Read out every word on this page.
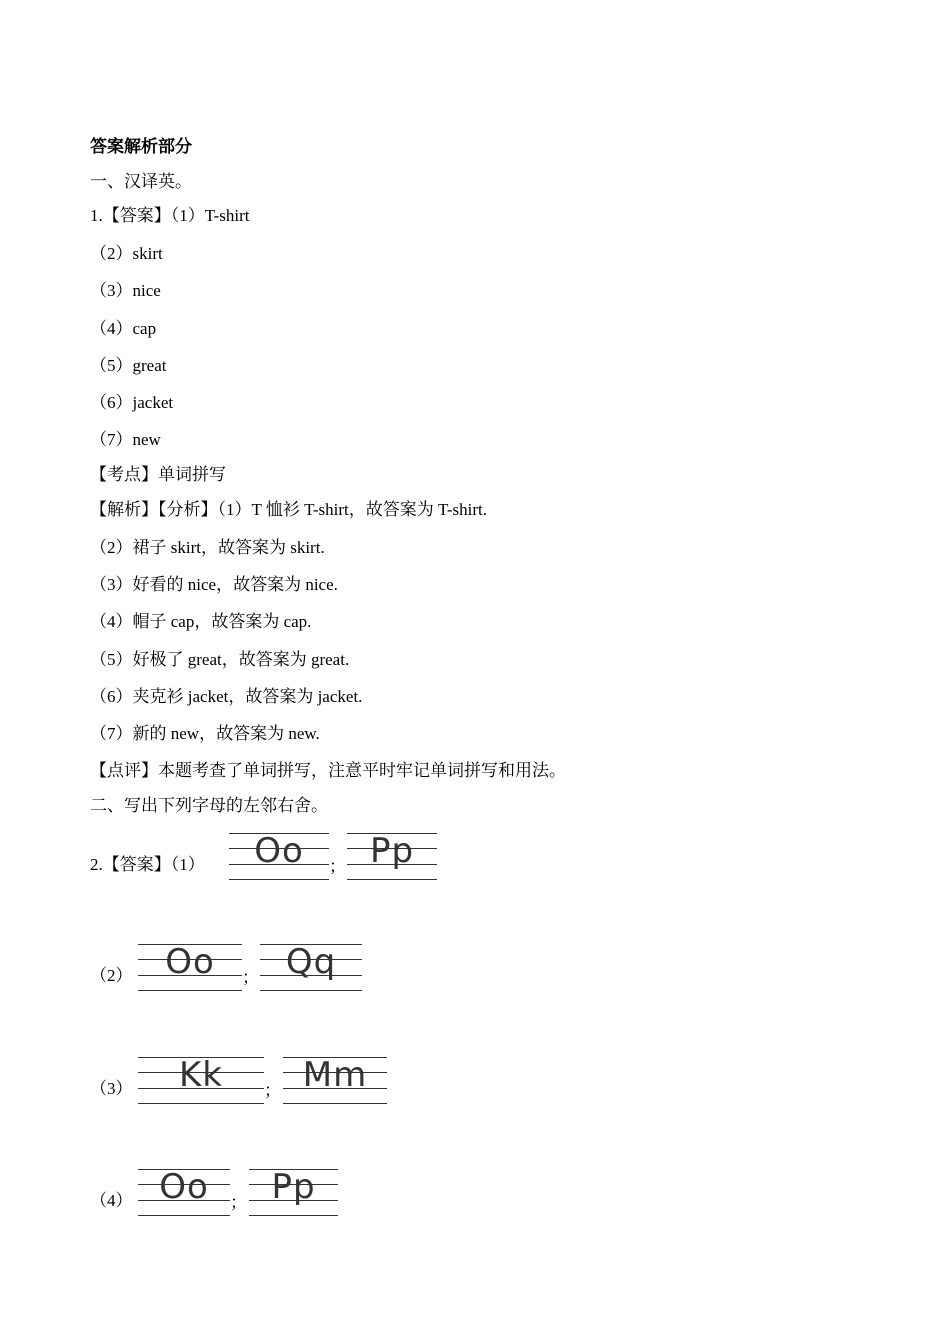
答案解析部分
一、汉译英。
1.【答案】（1）T-shirt
（2）skirt
（3）nice
（4）cap
（5）great
（6）jacket
（7）new
【考点】单词拼写
【解析】【分析】（1）T 恤衫 T-shirt，故答案为 T-shirt.
（2）裙子 skirt，故答案为 skirt.
（3）好看的 nice，故答案为 nice.
（4）帽子 cap，故答案为 cap.
（5）好极了 great，故答案为 great.
（6）夹克衫 jacket，故答案为 jacket.
（7）新的 new，故答案为 new.
【点评】本题考查了单词拼写，注意平时牢记单词拼写和用法。
二、写出下列字母的左邻右舍。
2.【答案】（1）	Oo	； Pp
（2） Oo	； Qq
（3）	Kk	； Mm
（4） Oo	； Pp
